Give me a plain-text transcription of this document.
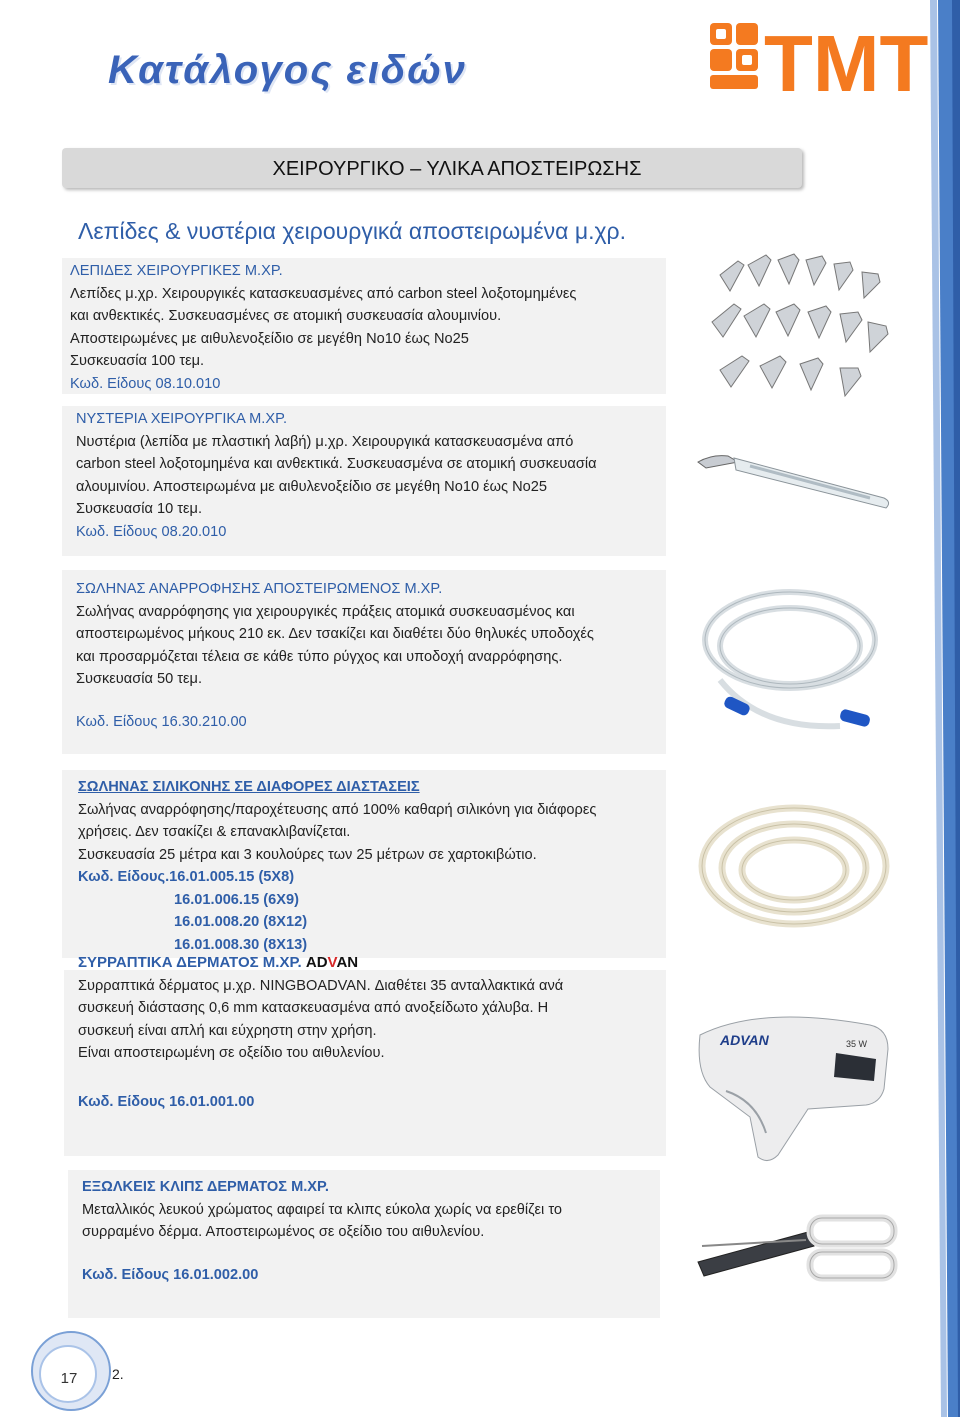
Κατάλογος ειδών	TMT
ΧΕΙΡΟΥΡΓΙΚΟ – ΥΛΙΚΑ ΑΠΟΣΤΕΙΡΩΣΗΣ
Λεπίδες & νυστέρια χειρουργικά αποστειρωμένα μ.χρ.
ΛΕΠΙΔΕΣ ΧΕΙΡΟΥΡΓΙΚΕΣ Μ.ΧΡ.
Λεπίδες μ.χρ. Χειρουργικές κατασκευασμένες από carbon steel λοξοτομημένες
και ανθεκτικές. Συσκευασμένες σε ατομική συσκευασία αλουμινίου.
Αποστειρωμένες με αιθυλενοξείδιο σε μεγέθη Νο10 έως Νο25
Συσκευασία 100 τεμ.
Κωδ. Είδους 08.10.010
ΝΥΣΤΕΡΙΑ ΧΕΙΡΟΥΡΓΙΚΑ Μ.ΧΡ.
Νυστέρια (λεπίδα με πλαστική λαβή) μ.χρ. Χειρουργικά κατασκευασμένα από
carbon steel λοξοτομημένα και ανθεκτικά. Συσκευασμένα σε ατομική συσκευασία
αλουμινίου. Αποστειρωμένα με αιθυλενοξείδιο σε μεγέθη Νο10 έως Νο25
Συσκευασία 10 τεμ.
Κωδ. Είδους 08.20.010
ΣΩΛΗΝΑΣ ΑΝΑΡΡΟΦΗΣΗΣ ΑΠΟΣΤΕΙΡΩΜΕΝΟΣ Μ.ΧΡ.
Σωλήνας αναρρόφησης για χειρουργικές πράξεις ατομικά συσκευασμένος και
αποστειρωμένος μήκους 210 εκ. Δεν τσακίζει και διαθέτει δύο θηλυκές υποδοχές
και προσαρμόζεται τέλεια σε κάθε τύπο ρύγχος και υποδοχή αναρρόφησης.
Συσκευασία 50 τεμ.
Κωδ. Είδους 16.30.210.00
ΣΩΛΗΝΑΣ ΣΙΛΙΚΟΝΗΣ ΣΕ ΔΙΑΦΟΡΕΣ ΔΙΑΣΤΑΣΕΙΣ
Σωλήνας αναρρόφησης/παροχέτευσης από 100% καθαρή σιλικόνη για διάφορες
χρήσεις. Δεν τσακίζει & επανακλιβανίζεται.
Συσκευασία 25 μέτρα και 3 κουλούρες των 25 μέτρων σε χαρτοκιβώτιο.
Κωδ. Είδους.16.01.005.15 (5Χ8)
16.01.006.15 (6Χ9)
16.01.008.20 (8Χ12)
16.01.008.30 (8Χ13)
ΣΥΡΡΑΠΤΙΚΑ ΔΕΡΜΑΤΟΣ Μ.ΧΡ. ADVAN
Συρραπτικά δέρματος μ.χρ. NINGBOADVAN. Διαθέτει 35 ανταλλακτικά ανά
συσκευή διάστασης 0,6 mm κατασκευασμένα από ανοξείδωτο χάλυβα. Η
συσκευή είναι απλή και εύχρηστη στην χρήση.
Είναι αποστειρωμένη σε οξείδιο του αιθυλενίου.
Κωδ. Είδους 16.01.001.00
ADVAN	35 W
ΕΞΩΛΚΕΙΣ ΚΛΙΠΣ ΔΕΡΜΑΤΟΣ Μ.ΧΡ.
Μεταλλικός λευκού χρώματος αφαιρεί τα κλιπς εύκολα χωρίς να ερεθίζει το
συρραμένο δέρμα. Αποστειρωμένος σε οξείδιο του αιθυλενίου.
Κωδ. Είδους 16.01.002.00
17	2.
